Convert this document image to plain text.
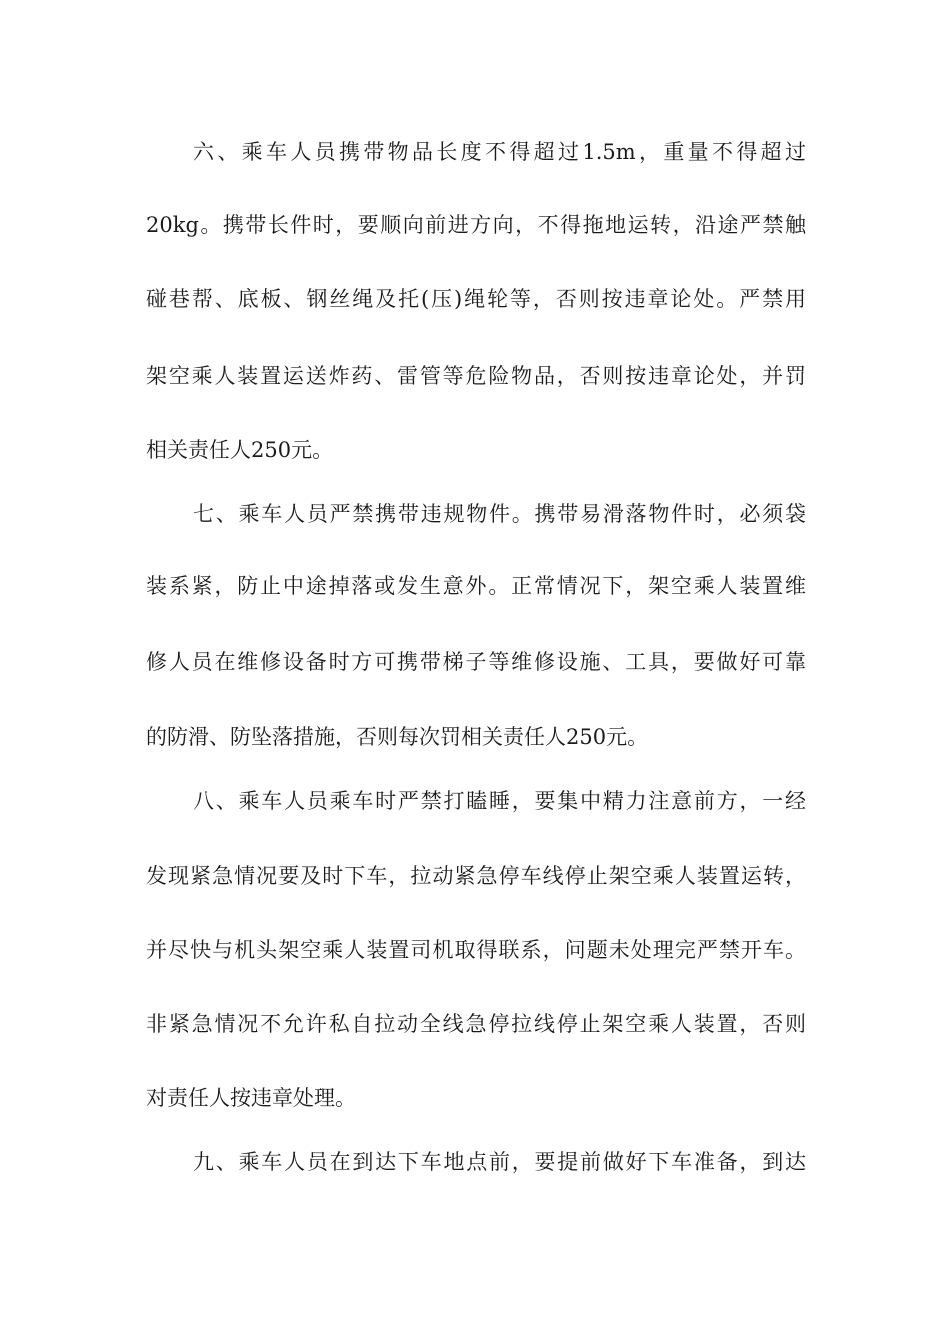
六、乘车人员携带物品长度不得超过1.5m，重量不得超过
20kg。携带长件时，要顺向前进方向，不得拖地运转，沿途严禁触
碰巷帮、底板、钢丝绳及托(压)绳轮等，否则按违章论处。严禁用
架空乘人装置运送炸药、雷管等危险物品，否则按违章论处，并罚
相关责任人250元。
七、乘车人员严禁携带违规物件。携带易滑落物件时，必须袋
装系紧，防止中途掉落或发生意外。正常情况下，架空乘人装置维
修人员在维修设备时方可携带梯子等维修设施、工具，要做好可靠
的防滑、防坠落措施，否则每次罚相关责任人250元。
八、乘车人员乘车时严禁打瞌睡，要集中精力注意前方，一经
发现紧急情况要及时下车，拉动紧急停车线停止架空乘人装置运转，
并尽快与机头架空乘人装置司机取得联系，问题未处理完严禁开车。
非紧急情况不允许私自拉动全线急停拉线停止架空乘人装置，否则
对责任人按违章处理。
九、乘车人员在到达下车地点前，要提前做好下车准备，到达
